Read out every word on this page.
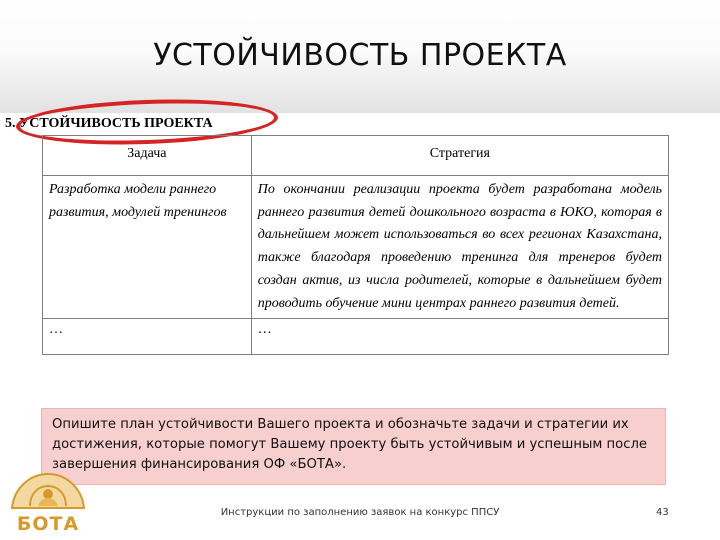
УСТОЙЧИВОСТЬ ПРОЕКТА
5. УСТОЙЧИВОСТЬ ПРОЕКТА
Задача	Стратегия
Разработка модели раннего развития, модулей тренингов	По окончании реализации проекта будет разработана модель раннего развития детей дошкольного возраста в ЮКО, которая в дальнейшем может использоваться во всех регионах Казахстана, также благодаря проведению тренинга для тренеров будет создан актив, из числа родителей, которые в дальнейшем будет проводить обучение мини центрах раннего развития детей.
…	…
Опишите план устойчивости Вашего проекта и обозначьте задачи и стратегии их достижения, которые помогут Вашему проекту быть устойчивым и успешным после завершения финансирования ОФ «БОТА».
БОТА
Инструкции по заполнению заявок на конкурс ППСУ	43
